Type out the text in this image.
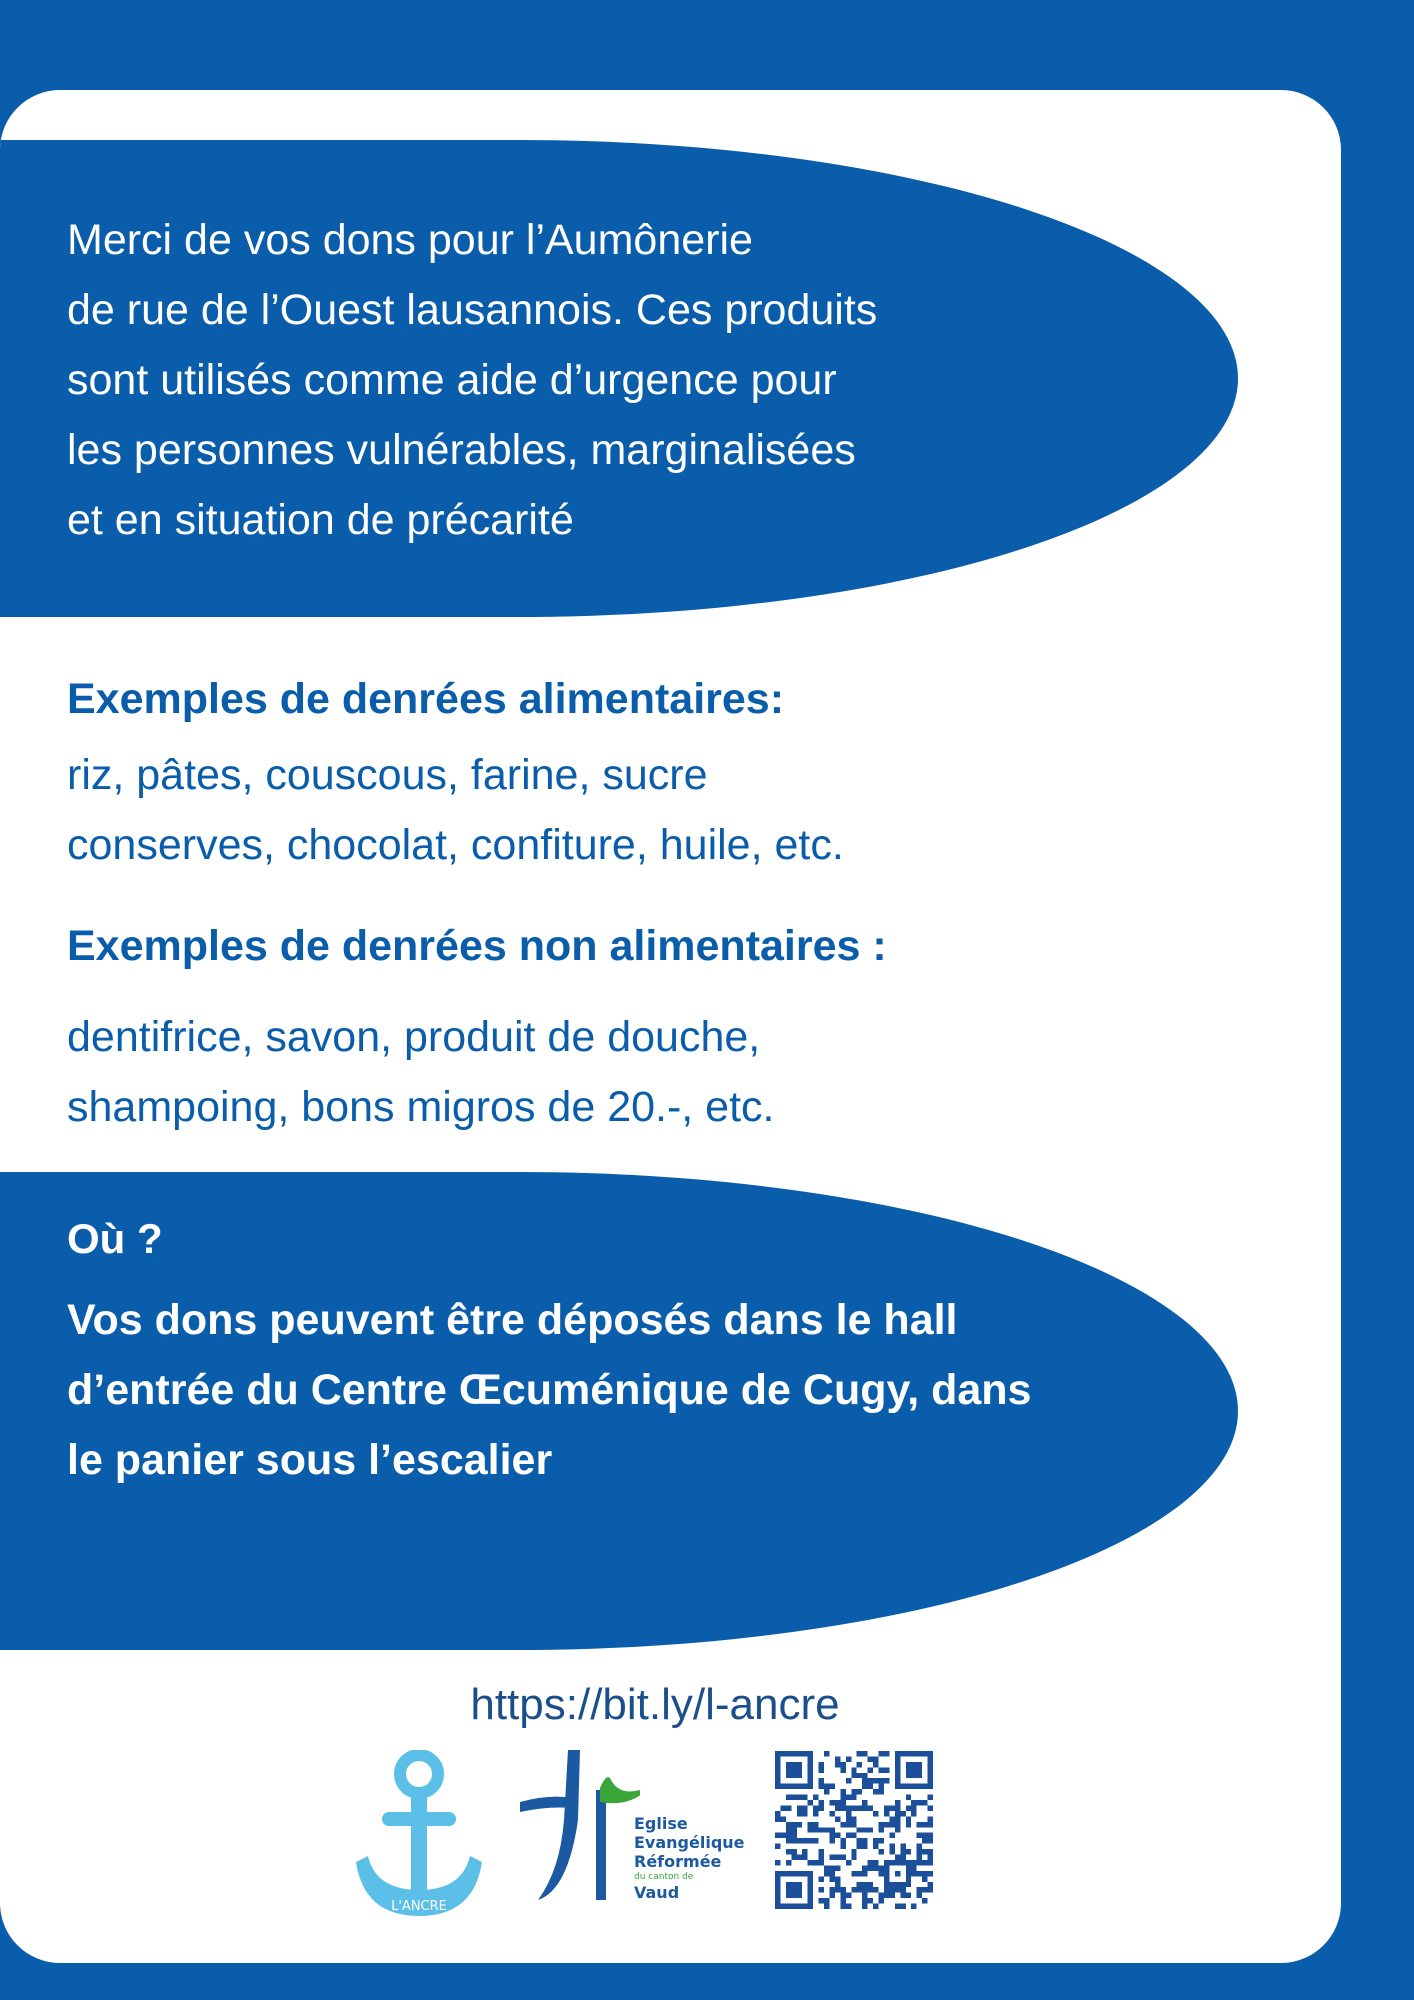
Merci de vos dons pour l’Aumônerie
de rue de l’Ouest lausannois. Ces produits
sont utilisés comme aide d’urgence pour
les personnes vulnérables, marginalisées
et en situation de précarité
Exemples de denrées alimentaires:
riz, pâtes, couscous, farine, sucre
conserves, chocolat, confiture, huile, etc.
Exemples de denrées non alimentaires :
dentifrice, savon, produit de douche,
shampoing, bons migros de 20.-, etc.
Où ?
Vos dons peuvent être déposés dans le hall
d’entrée du Centre Œcuménique de Cugy, dans
le panier sous l’escalier
https://bit.ly/l-ancre
L'ANCRE
Eglise
Evangélique
Réformée
du canton de
Vaud
